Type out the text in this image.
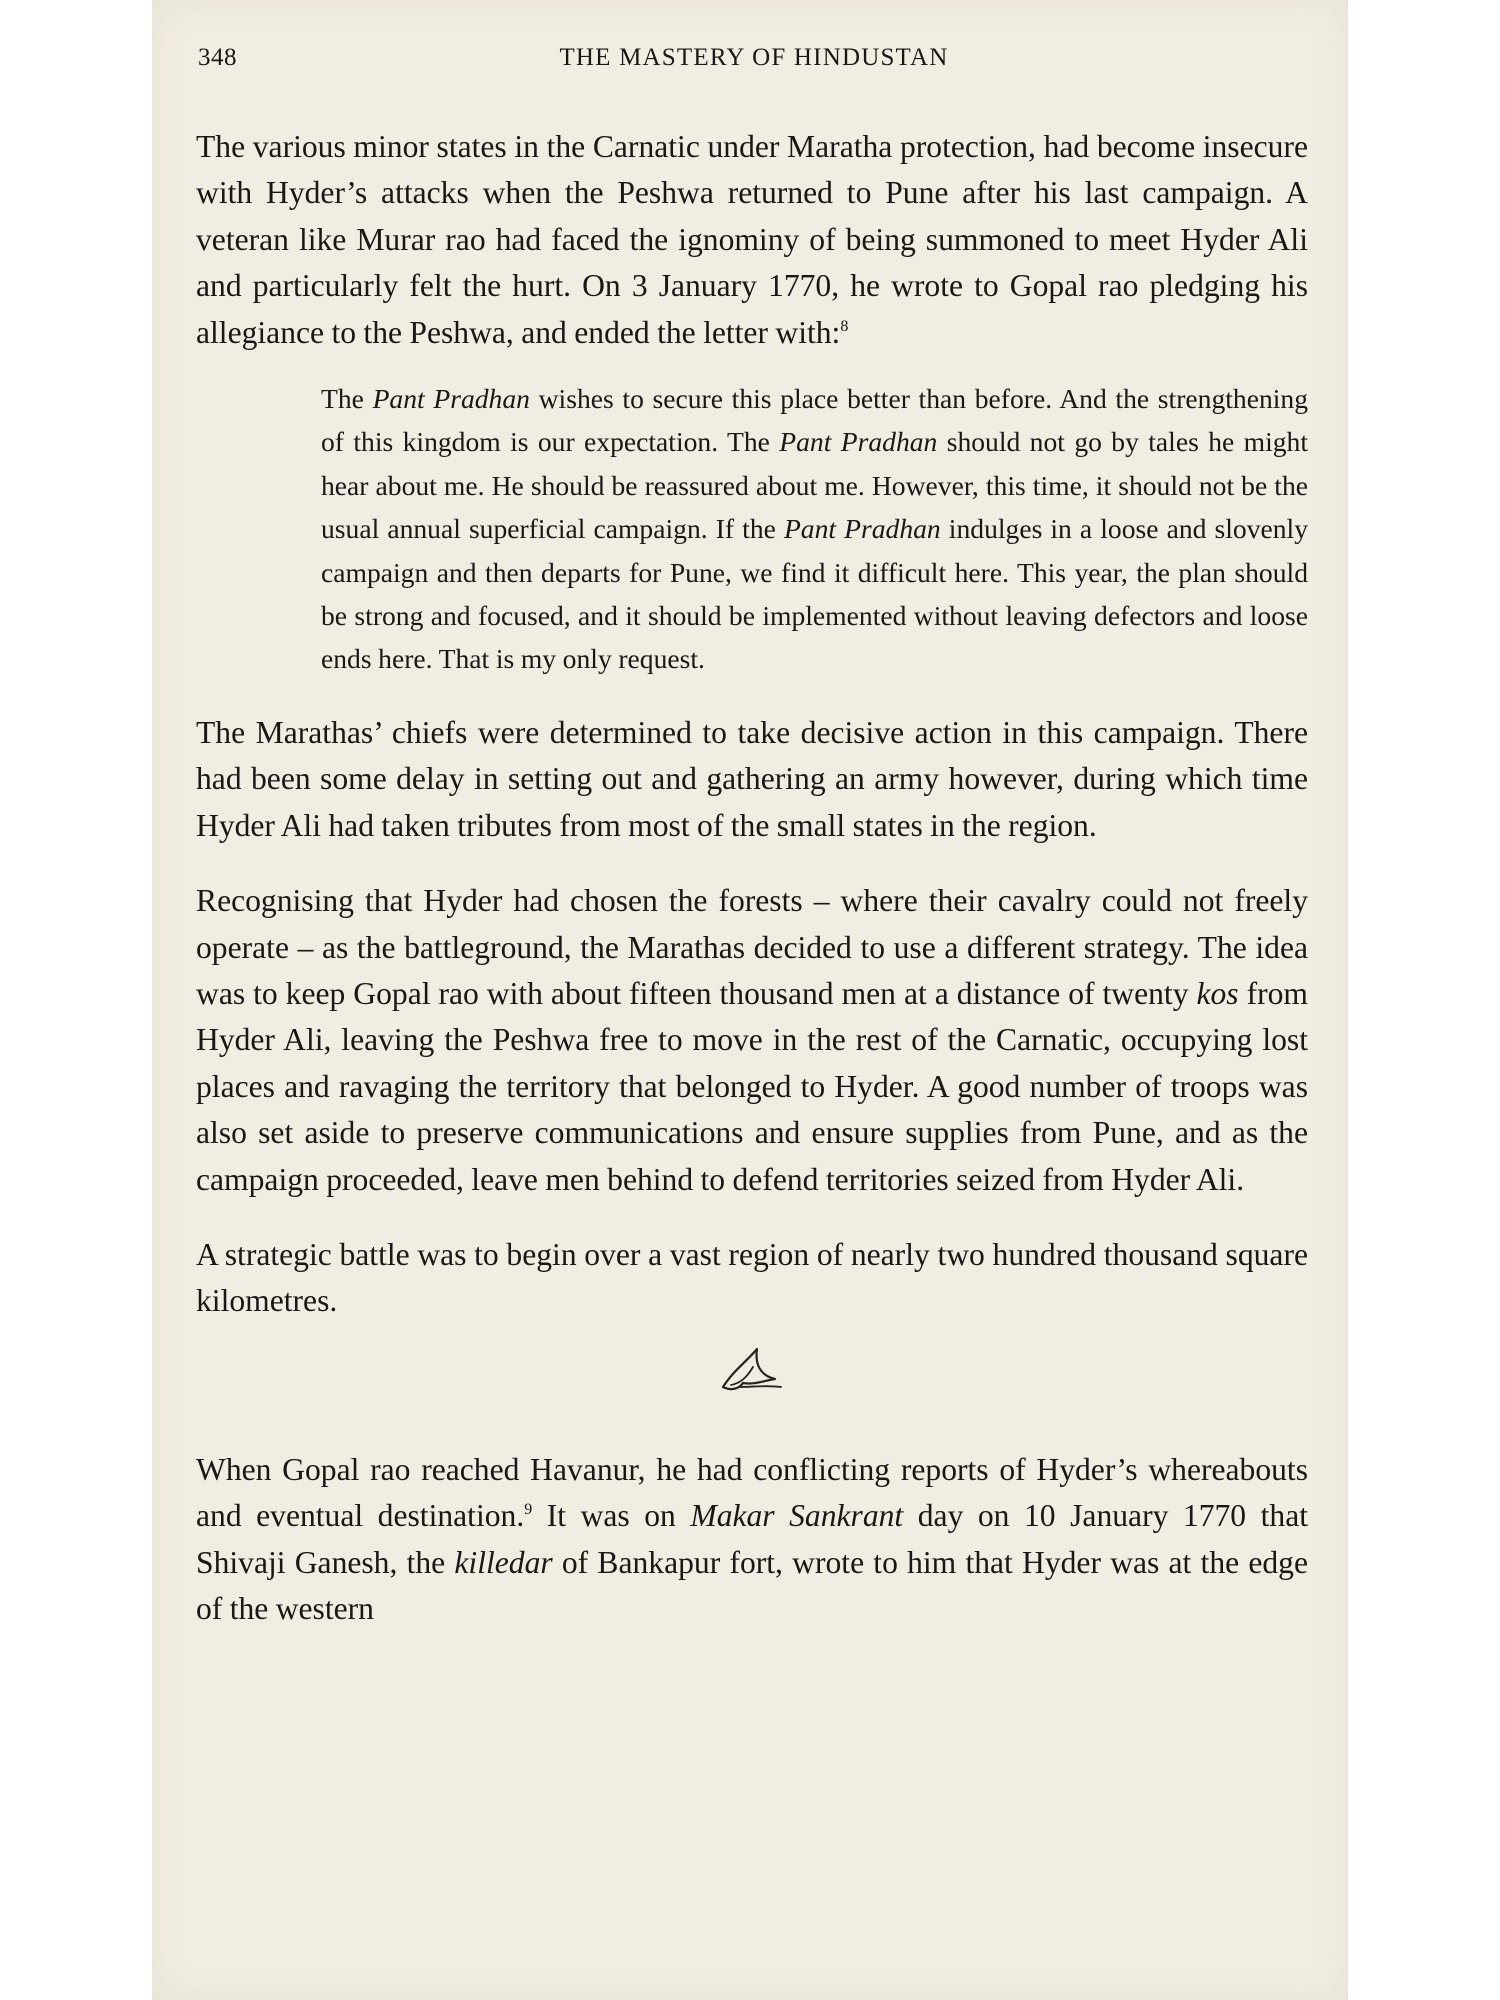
348	THE MASTERY OF HINDUSTAN

The various minor states in the Carnatic under Maratha protection, had become insecure with Hyder’s attacks when the Peshwa returned to Pune after his last campaign. A veteran like Murar rao had faced the ignominy of being summoned to meet Hyder Ali and particularly felt the hurt. On 3 January 1770, he wrote to Gopal rao pledging his allegiance to the Peshwa, and ended the letter with:$^8$

The Pant Pradhan wishes to secure this place better than before. And the strengthening of this kingdom is our expectation. The Pant Pradhan should not go by tales he might hear about me. He should be reassured about me. However, this time, it should not be the usual annual superficial campaign. If the Pant Pradhan indulges in a loose and slovenly campaign and then departs for Pune, we find it difficult here. This year, the plan should be strong and focused, and it should be implemented without leaving defectors and loose ends here. That is my only request.

The Marathas’ chiefs were determined to take decisive action in this campaign. There had been some delay in setting out and gathering an army however, during which time Hyder Ali had taken tributes from most of the small states in the region.

Recognising that Hyder had chosen the forests – where their cavalry could not freely operate – as the battleground, the Marathas decided to use a different strategy. The idea was to keep Gopal rao with about fifteen thousand men at a distance of twenty kos from Hyder Ali, leaving the Peshwa free to move in the rest of the Carnatic, occupying lost places and ravaging the territory that belonged to Hyder. A good number of troops was also set aside to preserve communications and ensure supplies from Pune, and as the campaign proceeded, leave men behind to defend territories seized from Hyder Ali.

A strategic battle was to begin over a vast region of nearly two hundred thousand square kilometres.

When Gopal rao reached Havanur, he had conflicting reports of Hyder’s whereabouts and eventual destination.$^9$ It was on Makar Sankrant day on 10 January 1770 that Shivaji Ganesh, the killedar of Bankapur fort, wrote to him that Hyder was at the edge of the western
